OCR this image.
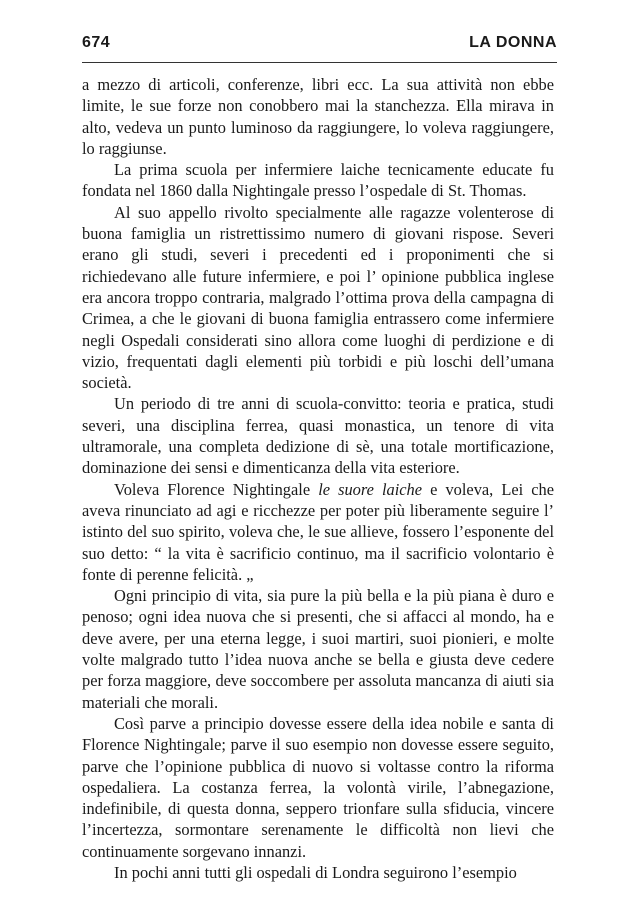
674	LA DONNA

a mezzo di articoli, conferenze, libri ecc. La sua attività non ebbe limite, le sue forze non conobbero mai la stanchezza. Ella mirava in alto, vedeva un punto luminoso da raggiungere, lo voleva raggiungere, lo raggiunse.

La prima scuola per infermiere laiche tecnicamente educate fu fondata nel 1860 dalla Nightingale presso l’ospedale di St. Thomas.

Al suo appello rivolto specialmente alle ragazze volenterose di buona famiglia un ristrettissimo numero di giovani rispose. Severi erano gli studi, severi i precedenti ed i proponimenti che si richiedevano alle future infermiere, e poi l’ opinione pubblica inglese era ancora troppo contraria, malgrado l’ottima prova della campagna di Crimea, a che le giovani di buona famiglia entrassero come infermiere negli Ospedali considerati sino allora come luoghi di perdizione e di vizio, frequentati dagli elementi più torbidi e più loschi dell’umana società.

Un periodo di tre anni di scuola-convitto: teoria e pratica, studi severi, una disciplina ferrea, quasi monastica, un tenore di vita ultramorale, una completa dedizione di sè, una totale mortificazione, dominazione dei sensi e dimenticanza della vita esteriore.

Voleva Florence Nightingale le suore laiche e voleva, Lei che aveva rinunciato ad agi e ricchezze per poter più liberamente seguire l’ istinto del suo spirito, voleva che, le sue allieve, fossero l’esponente del suo detto: “ la vita è sacrificio continuo, ma il sacrificio volontario è fonte di perenne felicità. „

Ogni principio di vita, sia pure la più bella e la più piana è duro e penoso; ogni idea nuova che si presenti, che si affacci al mondo, ha e deve avere, per una eterna legge, i suoi martiri, suoi pionieri, e molte volte malgrado tutto l’idea nuova anche se bella e giusta deve cedere per forza maggiore, deve soccombere per assoluta mancanza di aiuti sia materiali che morali.

Così parve a principio dovesse essere della idea nobile e santa di Florence Nightingale; parve il suo esempio non dovesse essere seguito, parve che l’opinione pubblica di nuovo si voltasse contro la riforma ospedaliera. La costanza ferrea, la volontà virile, l’abnegazione, indefinibile, di questa donna, seppero trionfare sulla sfiducia, vincere l’incertezza, sormontare serenamente le difficoltà non lievi che continuamente sorgevano innanzi.

In pochi anni tutti gli ospedali di Londra seguirono l’esempio
